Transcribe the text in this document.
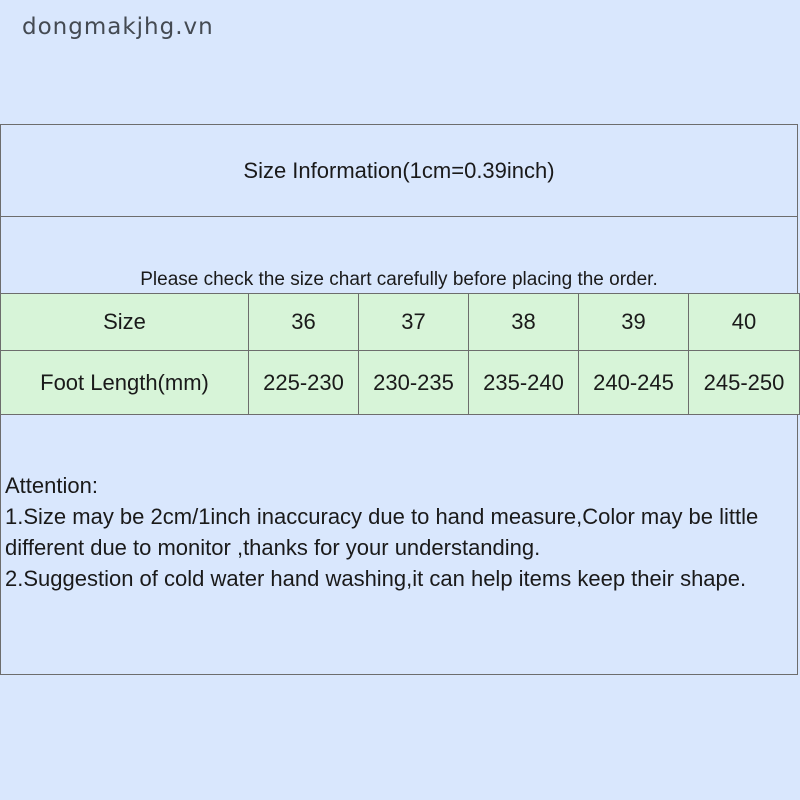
dongmakjhg.vn
Size Information(1cm=0.39inch)
Please check the size chart carefully before placing the order.
Size	36	37	38	39	40
Foot Length(mm)	225-230	230-235	235-240	240-245	245-250
Attention:
1.Size may be 2cm/1inch inaccuracy due to hand measure,Color may be little different due to monitor ,thanks for your understanding.
2.Suggestion of cold water hand washing,it can help items keep their shape.
